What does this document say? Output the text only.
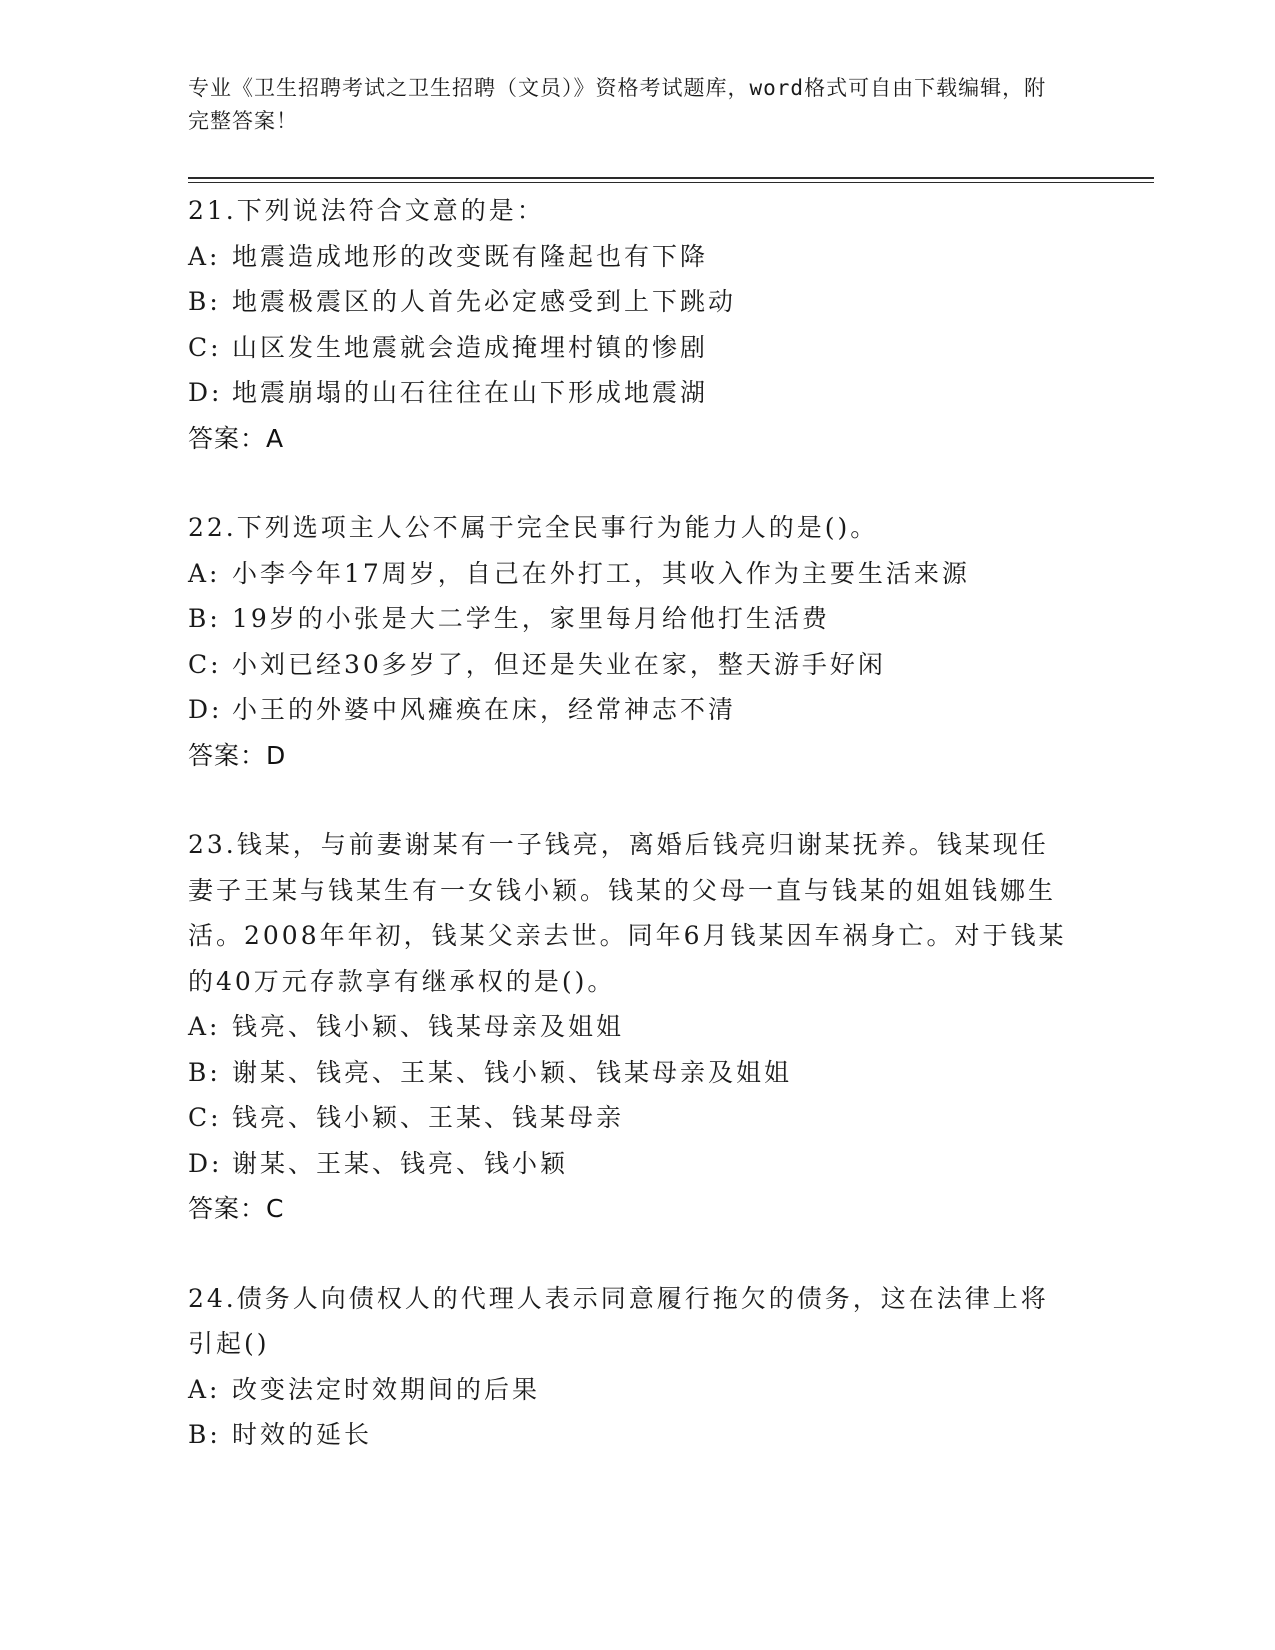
专业《卫生招聘考试之卫生招聘（文员）》资格考试题库，word格式可自由下载编辑，附完整答案！
21.下列说法符合文意的是：
A: 地震造成地形的改变既有隆起也有下降
B: 地震极震区的人首先必定感受到上下跳动
C: 山区发生地震就会造成掩埋村镇的惨剧
D: 地震崩塌的山石往往在山下形成地震湖
答案：A
22.下列选项主人公不属于完全民事行为能力人的是()。
A: 小李今年17周岁，自己在外打工，其收入作为主要生活来源
B: 19岁的小张是大二学生，家里每月给他打生活费
C: 小刘已经30多岁了，但还是失业在家，整天游手好闲
D: 小王的外婆中风瘫痪在床，经常神志不清
答案：D
23.钱某，与前妻谢某有一子钱亮，离婚后钱亮归谢某抚养。钱某现任妻子王某与钱某生有一女钱小颖。钱某的父母一直与钱某的姐姐钱娜生活。2008年年初，钱某父亲去世。同年6月钱某因车祸身亡。对于钱某的40万元存款享有继承权的是()。
A: 钱亮、钱小颖、钱某母亲及姐姐
B: 谢某、钱亮、王某、钱小颖、钱某母亲及姐姐
C: 钱亮、钱小颖、王某、钱某母亲
D: 谢某、王某、钱亮、钱小颖
答案：C
24.债务人向债权人的代理人表示同意履行拖欠的债务，这在法律上将引起()
A: 改变法定时效期间的后果
B: 时效的延长
